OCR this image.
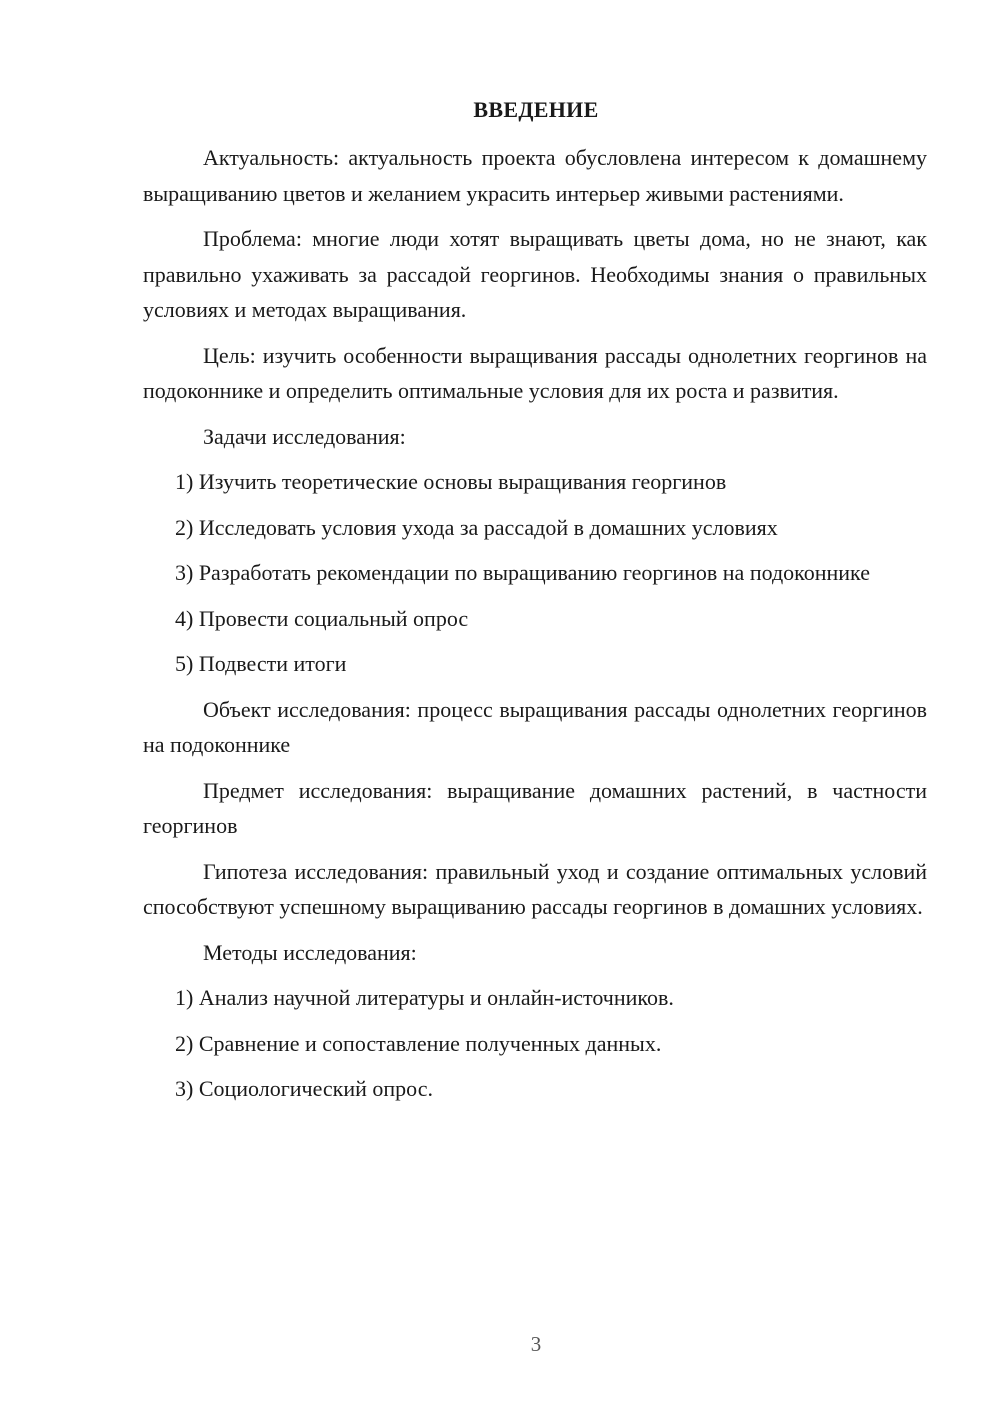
ВВЕДЕНИЕ

Актуальность: актуальность проекта обусловлена интересом к домашнему выращиванию цветов и желанием украсить интерьер живыми растениями.

Проблема: многие люди хотят выращивать цветы дома, но не знают, как правильно ухаживать за рассадой георгинов. Необходимы знания о правильных условиях и методах выращивания.

Цель: изучить особенности выращивания рассады однолетних георгинов на подоконнике и определить оптимальные условия для их роста и развития.

Задачи исследования:

1) Изучить теоретические основы выращивания георгинов

2) Исследовать условия ухода за рассадой в домашних условиях

3) Разработать рекомендации по выращиванию георгинов на подоконнике

4) Провести социальный опрос

5) Подвести итоги

Объект исследования: процесс выращивания рассады однолетних георгинов на подоконнике

Предмет исследования: выращивание домашних растений, в частности георгинов

Гипотеза исследования: правильный уход и создание оптимальных условий способствуют успешному выращиванию рассады георгинов в домашних условиях.

Методы исследования:

1) Анализ научной литературы и онлайн-источников.

2) Сравнение и сопоставление полученных данных.

3) Социологический опрос.

3
